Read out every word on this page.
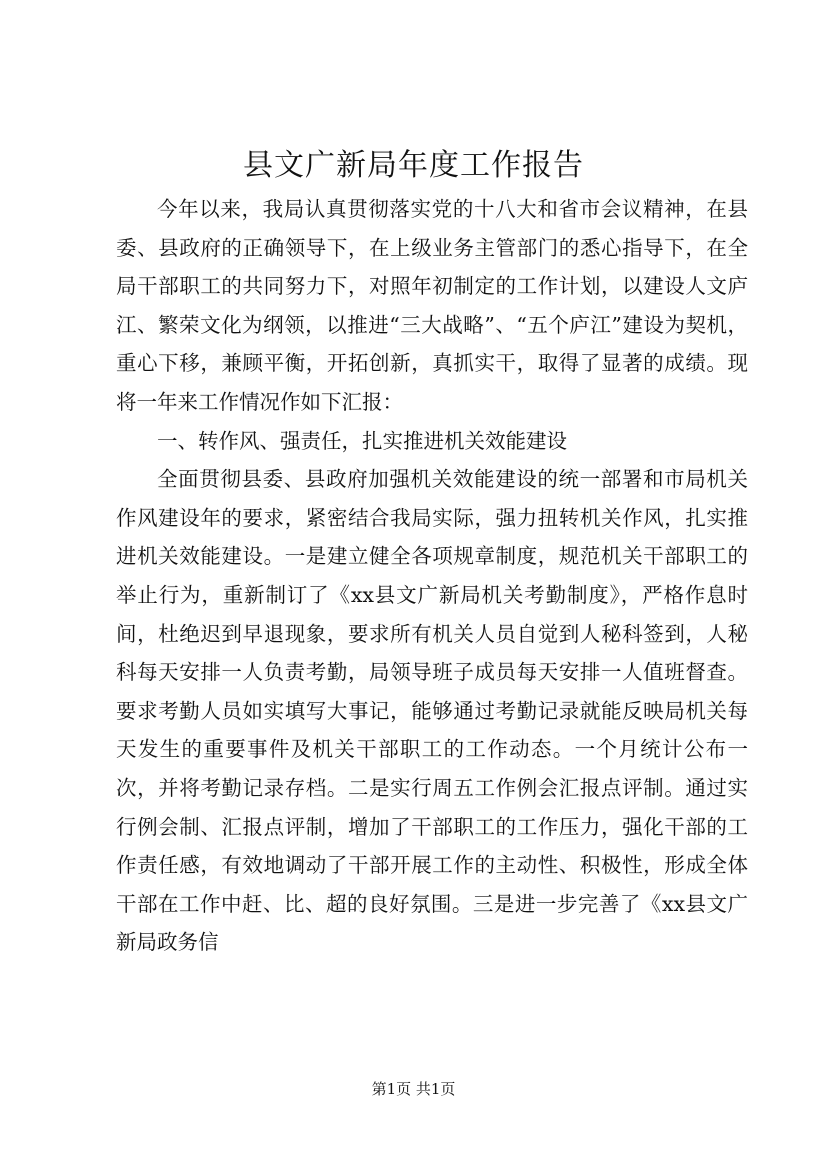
县文广新局年度工作报告

今年以来，我局认真贯彻落实党的十八大和省市会议精神，在县委、县政府的正确领导下，在上级业务主管部门的悉心指导下，在全局干部职工的共同努力下，对照年初制定的工作计划，以建设人文庐江、繁荣文化为纲领，以推进“三大战略”、“五个庐江”建设为契机，重心下移，兼顾平衡，开拓创新，真抓实干，取得了显著的成绩。现将一年来工作情况作如下汇报：

一、转作风、强责任，扎实推进机关效能建设

全面贯彻县委、县政府加强机关效能建设的统一部署和市局机关作风建设年的要求，紧密结合我局实际，强力扭转机关作风，扎实推进机关效能建设。一是建立健全各项规章制度，规范机关干部职工的举止行为，重新制订了《xx县文广新局机关考勤制度》，严格作息时间，杜绝迟到早退现象，要求所有机关人员自觉到人秘科签到，人秘科每天安排一人负责考勤，局领导班子成员每天安排一人值班督查。要求考勤人员如实填写大事记，能够通过考勤记录就能反映局机关每天发生的重要事件及机关干部职工的工作动态。一个月统计公布一次，并将考勤记录存档。二是实行周五工作例会汇报点评制。通过实行例会制、汇报点评制，增加了干部职工的工作压力，强化干部的工作责任感，有效地调动了干部开展工作的主动性、积极性，形成全体干部在工作中赶、比、超的良好氛围。三是进一步完善了《xx县文广新局政务信

第1页 共1页
